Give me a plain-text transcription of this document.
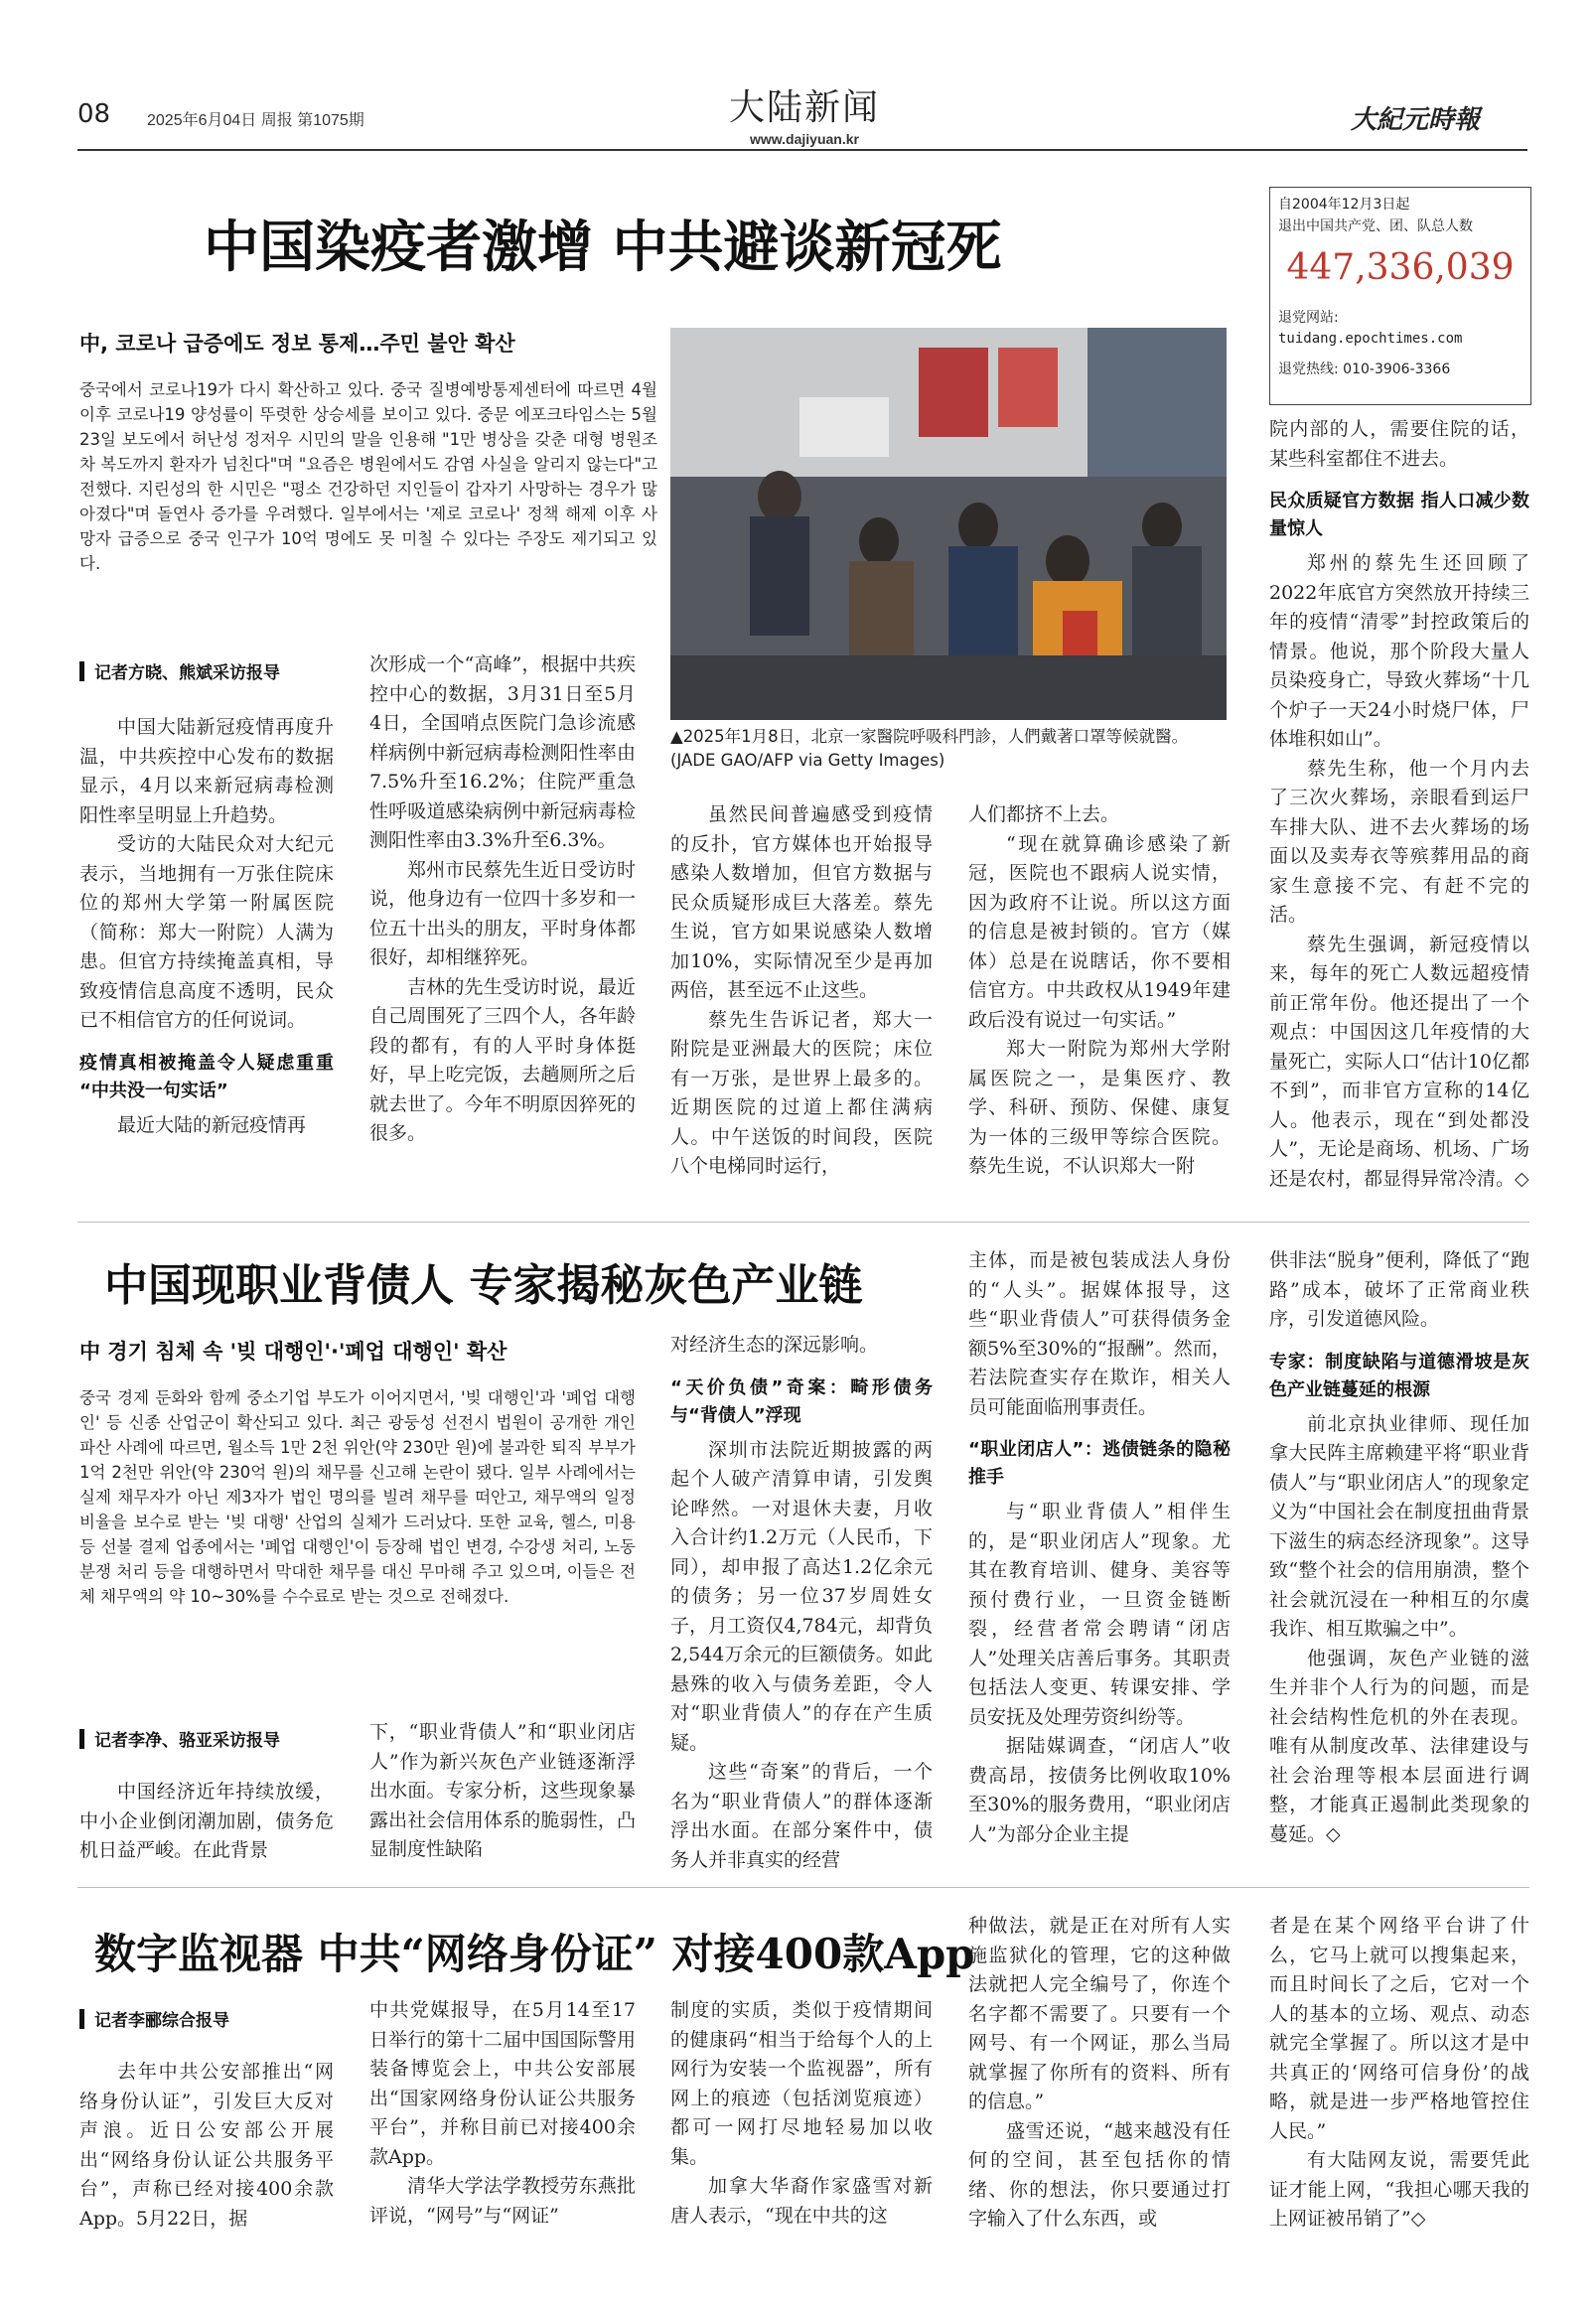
08 2025年6月04日 周报 第1075期	大陆新闻
www.dajiyuan.kr
大紀元時報
自2004年12月3日起
退出中国共产党、团、队总人数
447,336,039
退党网站:
tuidang.epochtimes.com
退党热线: 010-3906-3366
中国染疫者激增 中共避谈新冠死
中, 코로나 급증에도 정보 통제…주민 불안 확산
중국에서 코로나19가 다시 확산하고 있다. 중국 질병예방통제센터에 따르면 4월 이후 코로나19 양성률이 뚜렷한 상승세를 보이고 있다. 중문 에포크타임스는 5월 23일 보도에서 허난성 정저우 시민의 말을 인용해 "1만 병상을 갖춘 대형 병원조차 복도까지 환자가 넘친다"며 "요즘은 병원에서도 감염 사실을 알리지 않는다"고 전했다. 지린성의 한 시민은 "평소 건강하던 지인들이 갑자기 사망하는 경우가 많아졌다"며 돌연사 증가를 우려했다. 일부에서는 '제로 코로나' 정책 해제 이후 사망자 급증으로 중국 인구가 10억 명에도 못 미칠 수 있다는 주장도 제기되고 있다.
记者方晓、熊斌采访报导
▲2025年1月8日，北京一家醫院呼吸科門診，人們戴著口罩等候就醫。(JADE GAO/AFP via Getty Images)

中国大陆新冠疫情再度升温，中共疾控中心发布的数据显示，4月以来新冠病毒检测阳性率呈明显上升趋势。

受访的大陆民众对大纪元表示，当地拥有一万张住院床位的郑州大学第一附属医院（简称：郑大一附院）人满为患。但官方持续掩盖真相，导致疫情信息高度不透明，民众已不相信官方的任何说词。

疫情真相被掩盖令人疑虑重重 “中共没一句实话”

最近大陆的新冠疫情再

次形成一个“高峰”，根据中共疾控中心的数据，3月31日至5月4日，全国哨点医院门急诊流感样病例中新冠病毒检测阳性率由7.5%升至16.2%；住院严重急性呼吸道感染病例中新冠病毒检测阳性率由3.3%升至6.3%。

郑州市民蔡先生近日受访时说，他身边有一位四十多岁和一位五十出头的朋友，平时身体都很好，却相继猝死。

吉林的先生受访时说，最近自己周围死了三四个人，各年龄段的都有，有的人平时身体挺好，早上吃完饭，去趟厕所之后就去世了。今年不明原因猝死的很多。

虽然民间普遍感受到疫情的反扑，官方媒体也开始报导感染人数增加，但官方数据与民众质疑形成巨大落差。蔡先生说，官方如果说感染人数增加10%，实际情况至少是再加两倍，甚至远不止这些。

蔡先生告诉记者，郑大一附院是亚洲最大的医院；床位有一万张，是世界上最多的。近期医院的过道上都住满病人。中午送饭的时间段，医院八个电梯同时运行，

人们都挤不上去。

“现在就算确诊感染了新冠，医院也不跟病人说实情，因为政府不让说。所以这方面的信息是被封锁的。官方（媒体）总是在说瞎话，你不要相信官方。中共政权从1949年建政后没有说过一句实话。”

郑大一附院为郑州大学附属医院之一，是集医疗、教学、科研、预防、保健、康复为一体的三级甲等综合医院。蔡先生说，不认识郑大一附

院内部的人，需要住院的话，某些科室都住不进去。

民众质疑官方数据 指人口减少数量惊人

郑州的蔡先生还回顾了2022年底官方突然放开持续三年的疫情“清零”封控政策后的情景。他说，那个阶段大量人员染疫身亡，导致火葬场“十几个炉子一天24小时烧尸体，尸体堆积如山”。

蔡先生称，他一个月内去了三次火葬场，亲眼看到运尸车排大队、进不去火葬场的场面以及卖寿衣等殡葬用品的商家生意接不完、有赶不完的活。

蔡先生强调，新冠疫情以来，每年的死亡人数远超疫情前正常年份。他还提出了一个观点：中国因这几年疫情的大量死亡，实际人口“估计10亿都不到”，而非官方宣称的14亿人。他表示，现在“到处都没人”，无论是商场、机场、广场还是农村，都显得异常冷清。◇

中国现职业背债人 专家揭秘灰色产业链
中 경기 침체 속 '빚 대행인'·'폐업 대행인' 확산
중국 경제 둔화와 함께 중소기업 부도가 이어지면서, '빚 대행인'과 '폐업 대행인' 등 신종 산업군이 확산되고 있다. 최근 광둥성 선전시 법원이 공개한 개인 파산 사례에 따르면, 월소득 1만 2천 위안(약 230만 원)에 불과한 퇴직 부부가 1억 2천만 위안(약 230억 원)의 채무를 신고해 논란이 됐다. 일부 사례에서는 실제 채무자가 아닌 제3자가 법인 명의를 빌려 채무를 떠안고, 채무액의 일정 비율을 보수로 받는 '빚 대행' 산업의 실체가 드러났다. 또한 교육, 헬스, 미용 등 선불 결제 업종에서는 '폐업 대행인'이 등장해 법인 변경, 수강생 처리, 노동 분쟁 처리 등을 대행하면서 막대한 채무를 대신 무마해 주고 있으며, 이들은 전체 채무액의 약 10~30%를 수수료로 받는 것으로 전해졌다.
记者李净、骆亚采访报导

中国经济近年持续放缓，中小企业倒闭潮加剧，债务危机日益严峻。在此背景

下，“职业背债人”和“职业闭店人”作为新兴灰色产业链逐渐浮出水面。专家分析，这些现象暴露出社会信用体系的脆弱性，凸显制度性缺陷

对经济生态的深远影响。

“天价负债”奇案：畸形债务与“背债人”浮现

深圳市法院近期披露的两起个人破产清算申请，引发舆论哗然。一对退休夫妻，月收入合计约1.2万元（人民币，下同），却申报了高达1.2亿余元的债务；另一位37岁周姓女子，月工资仅4,784元，却背负2,544万余元的巨额债务。如此悬殊的收入与债务差距，令人对“职业背债人”的存在产生质疑。

这些“奇案”的背后，一个名为“职业背债人”的群体逐渐浮出水面。在部分案件中，债务人并非真实的经营

主体，而是被包装成法人身份的“人头”。据媒体报导，这些“职业背债人”可获得债务金额5%至30%的“报酬”。然而，若法院查实存在欺诈，相关人员可能面临刑事责任。

“职业闭店人”：逃债链条的隐秘推手

与“职业背债人”相伴生的，是“职业闭店人”现象。尤其在教育培训、健身、美容等预付费行业，一旦资金链断裂，经营者常会聘请“闭店人”处理关店善后事务。其职责包括法人变更、转课安排、学员安抚及处理劳资纠纷等。

据陆媒调查，“闭店人”收费高昂，按债务比例收取10%至30%的服务费用，“职业闭店人”为部分企业主提

供非法“脱身”便利，降低了“跑路”成本，破坏了正常商业秩序，引发道德风险。

专家：制度缺陷与道德滑坡是灰色产业链蔓延的根源

前北京执业律师、现任加拿大民阵主席赖建平将“职业背债人”与“职业闭店人”的现象定义为“中国社会在制度扭曲背景下滋生的病态经济现象”。这导致“整个社会的信用崩溃，整个社会就沉浸在一种相互的尔虞我诈、相互欺骗之中”。

他强调，灰色产业链的滋生并非个人行为的问题，而是社会结构性危机的外在表现。唯有从制度改革、法律建设与社会治理等根本层面进行调整，才能真正遏制此类现象的蔓延。◇

数字监视器 中共“网络身份证” 对接400款App
记者李郦综合报导

去年中共公安部推出“网络身份认证”，引发巨大反对声浪。近日公安部公开展出“网络身份认证公共服务平台”，声称已经对接400余款App。5月22日，据

中共党媒报导，在5月14至17日举行的第十二届中国国际警用装备博览会上，中共公安部展出“国家网络身份认证公共服务平台”，并称目前已对接400余款App。

清华大学法学教授劳东燕批评说，“网号”与“网证”

制度的实质，类似于疫情期间的健康码“相当于给每个人的上网行为安装一个监视器”，所有网上的痕迹（包括浏览痕迹）都可一网打尽地轻易加以收集。

加拿大华裔作家盛雪对新唐人表示，“现在中共的这

种做法，就是正在对所有人实施监狱化的管理，它的这种做法就把人完全编号了，你连个名字都不需要了。只要有一个网号、有一个网证，那么当局就掌握了你所有的资料、所有的信息。”

盛雪还说，“越来越没有任何的空间，甚至包括你的情绪、你的想法，你只要通过打字输入了什么东西，或

者是在某个网络平台讲了什么，它马上就可以搜集起来，而且时间长了之后，它对一个人的基本的立场、观点、动态就完全掌握了。所以这才是中共真正的‘网络可信身份’的战略，就是进一步严格地管控住人民。”

有大陆网友说，需要凭此证才能上网，“我担心哪天我的上网证被吊销了”◇
